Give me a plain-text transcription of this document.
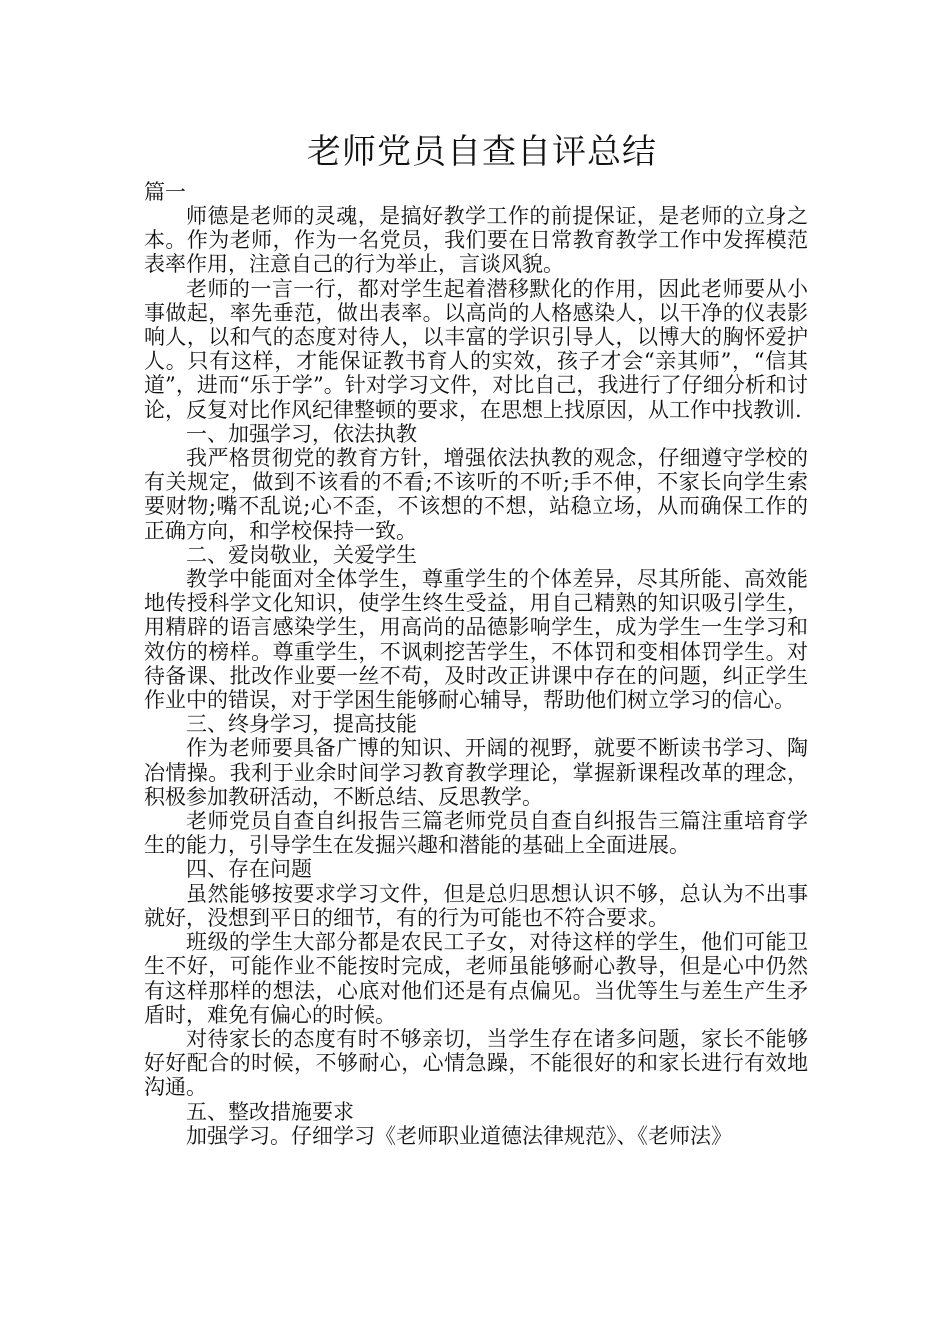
老师党员自查自评总结

篇一

师德是老师的灵魂，是搞好教学工作的前提保证，是老师的立身之本。作为老师，作为一名党员，我们要在日常教育教学工作中发挥模范表率作用，注意自己的行为举止，言谈风貌。

老师的一言一行，都对学生起着潜移默化的作用，因此老师要从小事做起，率先垂范，做出表率。以高尚的人格感染人，以干净的仪表影响人，以和气的态度对待人，以丰富的学识引导人，以博大的胸怀爱护人。只有这样，才能保证教书育人的实效，孩子才会“亲其师”，“信其道”，进而“乐于学”。针对学习文件，对比自己，我进行了仔细分析和讨论，反复对比作风纪律整顿的要求，在思想上找原因，从工作中找教训.

一、加强学习，依法执教

我严格贯彻党的教育方针，增强依法执教的观念，仔细遵守学校的有关规定，做到不该看的不看;不该听的不听;手不伸，不家长向学生索要财物;嘴不乱说;心不歪，不该想的不想，站稳立场，从而确保工作的正确方向，和学校保持一致。

二、爱岗敬业，关爱学生

教学中能面对全体学生，尊重学生的个体差异，尽其所能、高效能地传授科学文化知识，使学生终生受益，用自己精熟的知识吸引学生，用精辟的语言感染学生，用高尚的品德影响学生，成为学生一生学习和效仿的榜样。尊重学生，不讽刺挖苦学生，不体罚和变相体罚学生。对待备课、批改作业要一丝不苟，及时改正讲课中存在的问题，纠正学生作业中的错误，对于学困生能够耐心辅导，帮助他们树立学习的信心。

三、终身学习，提高技能

作为老师要具备广博的知识、开阔的视野，就要不断读书学习、陶冶情操。我利于业余时间学习教育教学理论，掌握新课程改革的理念，积极参加教研活动，不断总结、反思教学。

老师党员自查自纠报告三篇老师党员自查自纠报告三篇注重培育学生的能力，引导学生在发掘兴趣和潜能的基础上全面进展。

四、存在问题

虽然能够按要求学习文件，但是总归思想认识不够，总认为不出事就好，没想到平日的细节，有的行为可能也不符合要求。

班级的学生大部分都是农民工子女，对待这样的学生，他们可能卫生不好，可能作业不能按时完成，老师虽能够耐心教导，但是心中仍然有这样那样的想法，心底对他们还是有点偏见。当优等生与差生产生矛盾时，难免有偏心的时候。

对待家长的态度有时不够亲切，当学生存在诸多问题，家长不能够好好配合的时候，不够耐心，心情急躁，不能很好的和家长进行有效地沟通。

五、整改措施要求

加强学习。仔细学习《老师职业道德法律规范》、《老师法》
